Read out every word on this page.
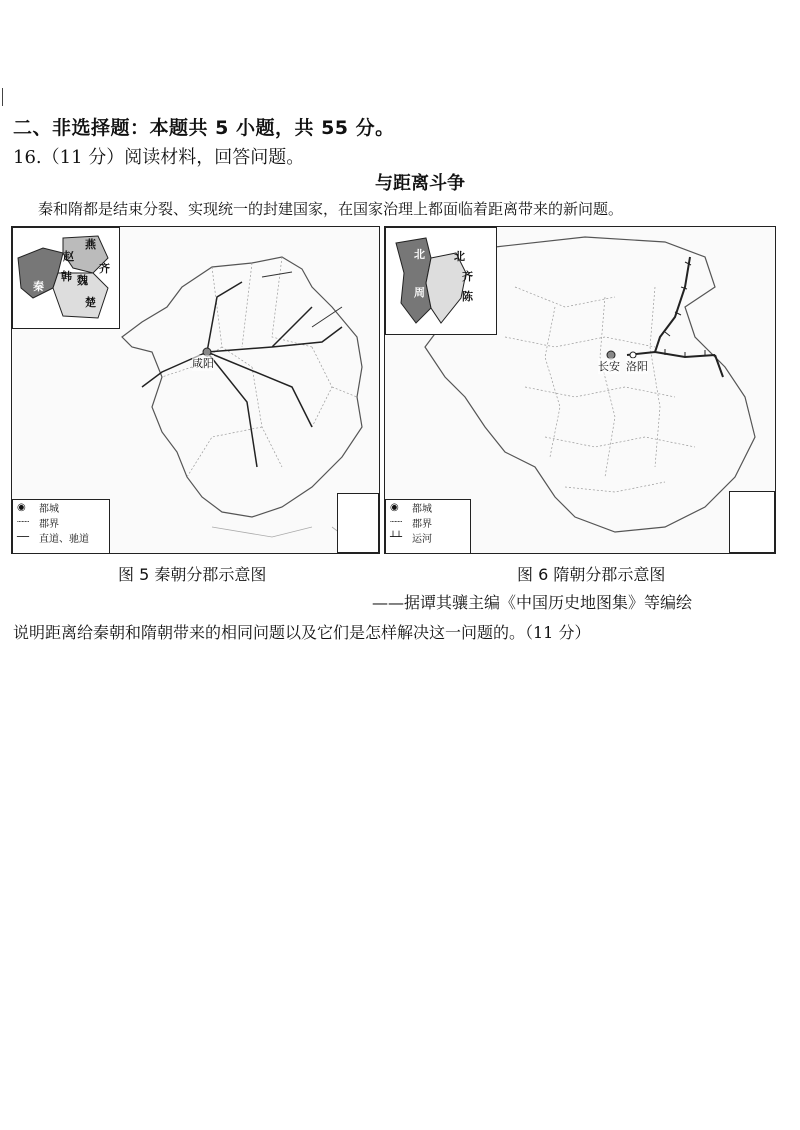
二、非选择题：本题共 5 小题，共 55 分。
16.（11 分）阅读材料，回答问题。
与距离斗争
秦和隋都是结束分裂、实现统一的封建国家，在国家治理上都面临着距离带来的新问题。
咸阳
燕
赵
齐
韩 魏
楚
秦
◉	都城
┈┈ 郡界
── 直道、驰道
长安 洛阳
北	北
齐
周	陈
◉	都城
┈┈ 郡界
┴┴ 运河
图 5 秦朝分郡示意图	图 6 隋朝分郡示意图
——据谭其骧主编《中国历史地图集》等编绘
说明距离给秦朝和隋朝带来的相同问题以及它们是怎样解决这一问题的。（11 分）
